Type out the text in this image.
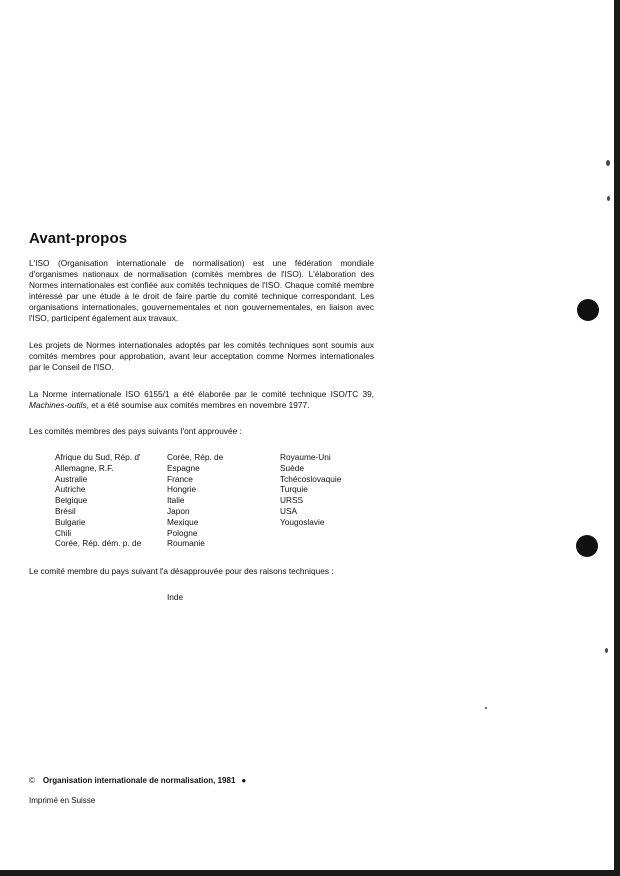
Avant-propos

L'ISO (Organisation internationale de normalisation) est une fédération mondiale d'organismes nationaux de normalisation (comités membres de l'ISO). L'élaboration des Normes internationales est confiée aux comités techniques de l'ISO. Chaque comité membre intéressé par une étude a le droit de faire partie du comité technique correspondant. Les organisations internationales, gouvernementales et non gouvernementales, en liaison avec l'ISO, participent également aux travaux.

Les projets de Normes internationales adoptés par les comités techniques sont soumis aux comités membres pour approbation, avant leur acceptation comme Normes internationales par le Conseil de l'ISO.

La Norme internationale ISO 6155/1 a été élaborée par le comité technique ISO/TC 39, Machines-outils, et a été soumise aux comités membres en novembre 1977.

Les comités membres des pays suivants l'ont approuvée :

Afrique du Sud, Rép. d'
Allemagne, R.F.
Australie
Autriche
Belgique
Brésil
Bulgarie
Chili
Corée, Rép. dém. p. de
Corée, Rép. de
Espagne
France
Hongrie
Italie
Japon
Mexique
Pologne
Roumanie
Royaume-Uni
Suède
Tchécoslovaquie
Turquie
URSS
USA
Yougoslavie

Le comité membre du pays suivant l'a désapprouvée pour des raisons techniques :

Inde
© Organisation internationale de normalisation, 1981 ●
Imprimé en Suisse
